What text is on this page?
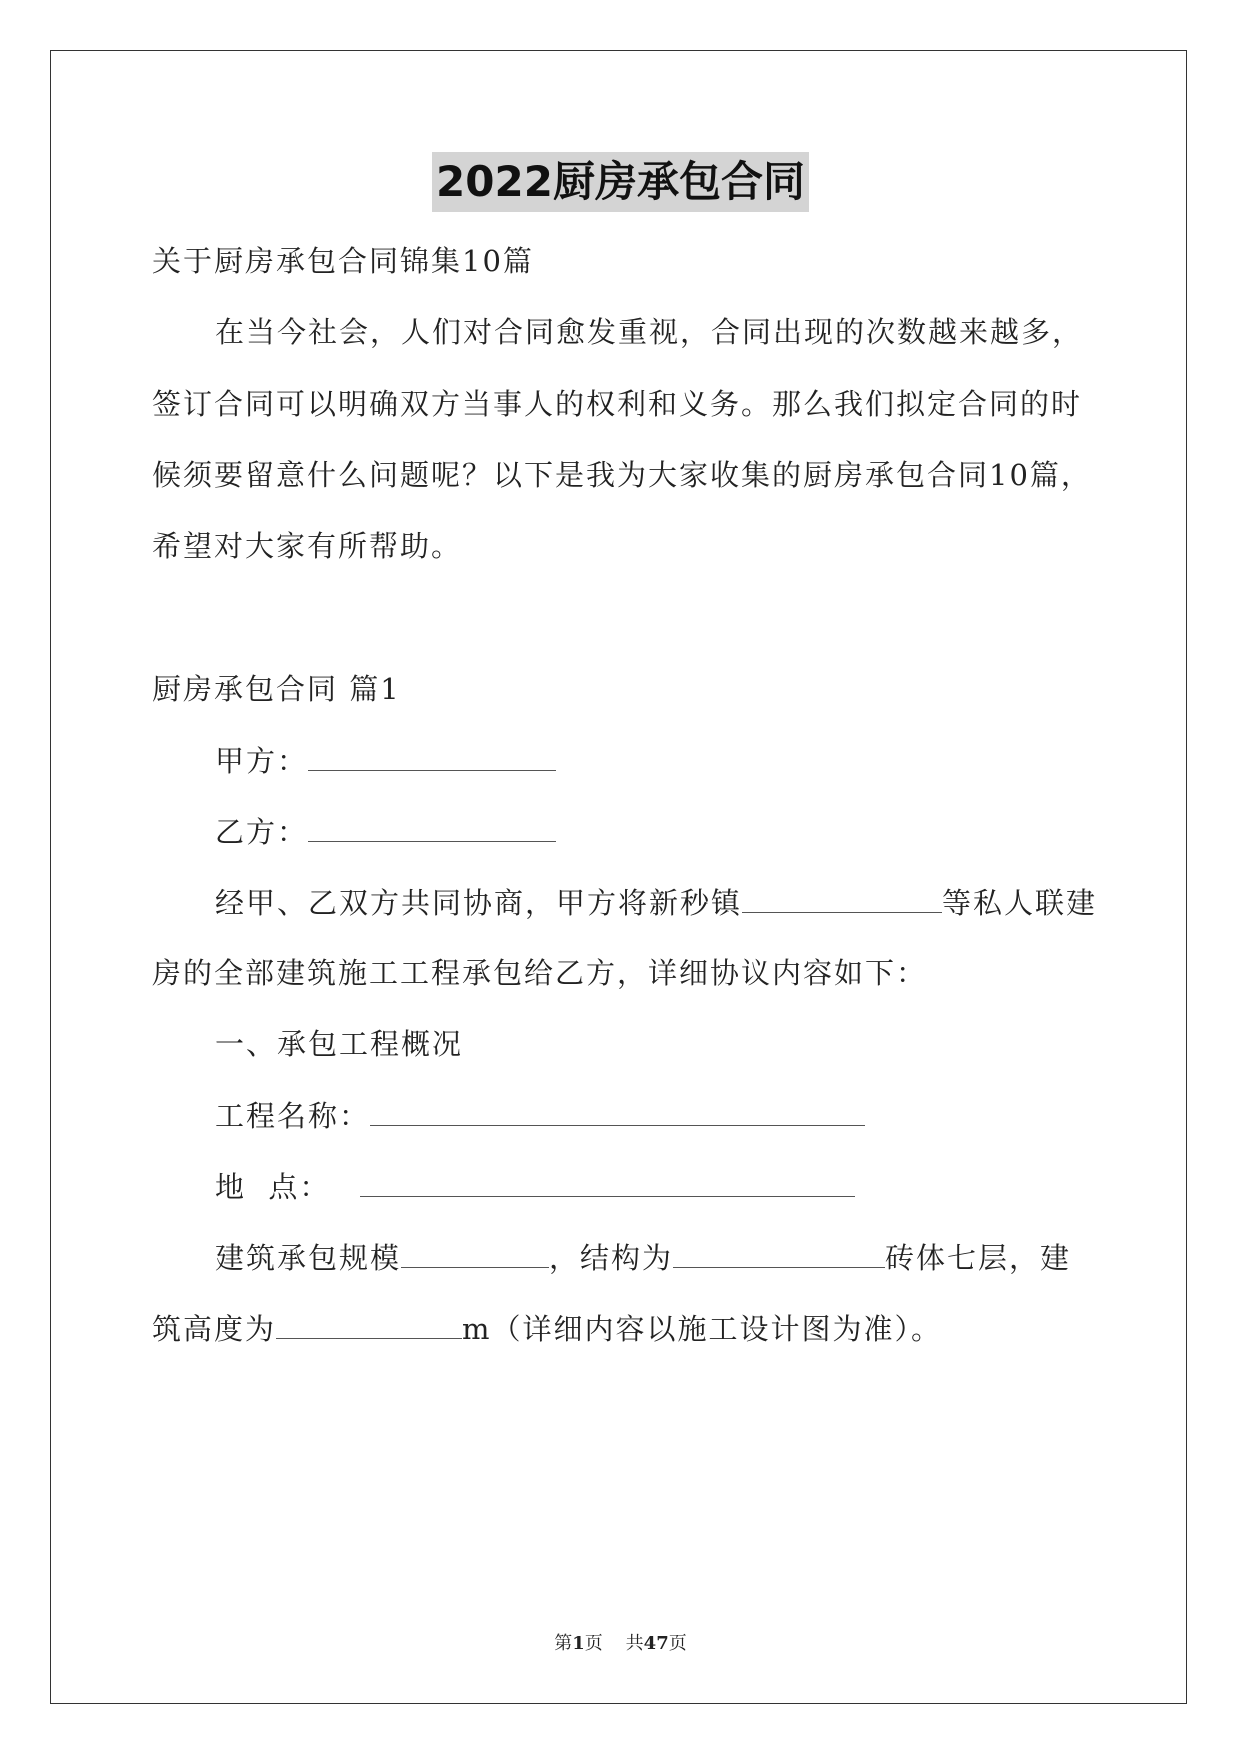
2022厨房承包合同
关于厨房承包合同锦集10篇
在当今社会，人们对合同愈发重视，合同出现的次数越来越多，
签订合同可以明确双方当事人的权利和义务。那么我们拟定合同的时
候须要留意什么问题呢？以下是我为大家收集的厨房承包合同10篇，
希望对大家有所帮助。
厨房承包合同 篇1
甲方：
乙方：
经甲、乙双方共同协商，甲方将新秒镇	等私人联建
房的全部建筑施工工程承包给乙方，详细协议内容如下：
一、承包工程概况
工程名称：
地  点：
建筑承包规模	，结构为	砖体七层，建
筑高度为	m（详细内容以施工设计图为准）。
第1页 共47页
